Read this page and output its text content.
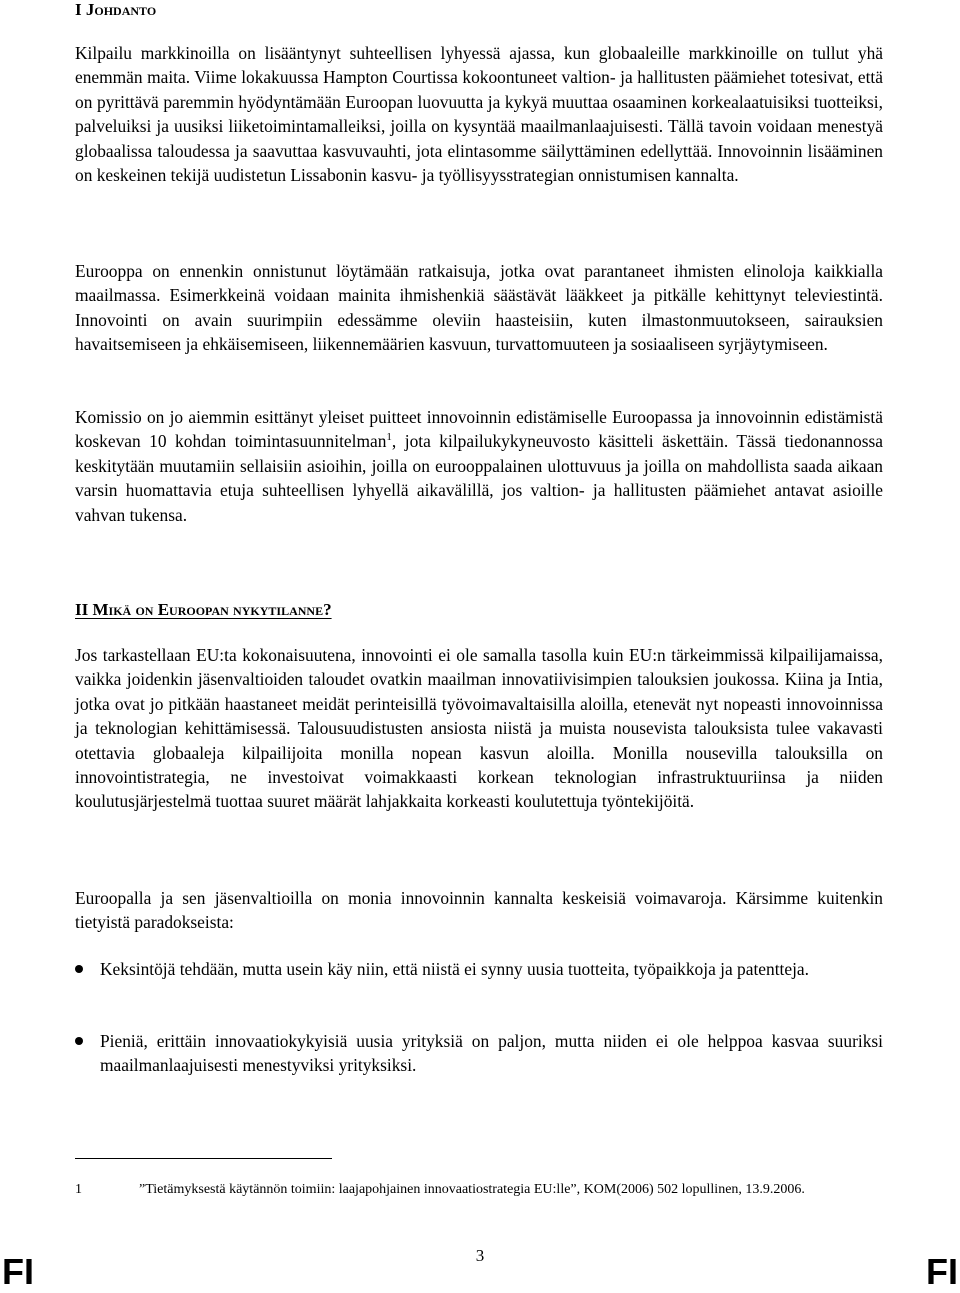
I Johdanto

Kilpailu markkinoilla on lisääntynyt suhteellisen lyhyessä ajassa, kun globaaleille markkinoille on tullut yhä enemmän maita. Viime lokakuussa Hampton Courtissa kokoontuneet valtion- ja hallitusten päämiehet totesivat, että on pyrittävä paremmin hyödyntämään Euroopan luovuutta ja kykyä muuttaa osaaminen korkealaatuisiksi tuotteiksi, palveluiksi ja uusiksi liiketoimintamalleiksi, joilla on kysyntää maailmanlaajuisesti. Tällä tavoin voidaan menestyä globaalissa taloudessa ja saavuttaa kasvuvauhti, jota elintasomme säilyttäminen edellyttää. Innovoinnin lisääminen on keskeinen tekijä uudistetun Lissabonin kasvu- ja työllisyysstrategian onnistumisen kannalta.

Eurooppa on ennenkin onnistunut löytämään ratkaisuja, jotka ovat parantaneet ihmisten elinoloja kaikkialla maailmassa. Esimerkkeinä voidaan mainita ihmishenkiä säästävät lääkkeet ja pitkälle kehittynyt televiestintä. Innovointi on avain suurimpiin edessämme oleviin haasteisiin, kuten ilmastonmuutokseen, sairauksien havaitsemiseen ja ehkäisemiseen, liikennemäärien kasvuun, turvattomuuteen ja sosiaaliseen syrjäytymiseen.

Komissio on jo aiemmin esittänyt yleiset puitteet innovoinnin edistämiselle Euroopassa ja innovoinnin edistämistä koskevan 10 kohdan toimintasuunnitelman$^1$, jota kilpailukykyneuvosto käsitteli äskettäin. Tässä tiedonannossa keskitytään muutamiin sellaisiin asioihin, joilla on eurooppalainen ulottuvuus ja joilla on mahdollista saada aikaan varsin huomattavia etuja suhteellisen lyhyellä aikavälillä, jos valtion- ja hallitusten päämiehet antavat asioille vahvan tukensa.

II Mikä on Euroopan nykytilanne?

Jos tarkastellaan EU:ta kokonaisuutena, innovointi ei ole samalla tasolla kuin EU:n tärkeimmissä kilpailijamaissa, vaikka joidenkin jäsenvaltioiden taloudet ovatkin maailman innovatiivisimpien talouksien joukossa. Kiina ja Intia, jotka ovat jo pitkään haastaneet meidät perinteisillä työvoimavaltaisilla aloilla, etenevät nyt nopeasti innovoinnissa ja teknologian kehittämisessä. Talousuudistusten ansiosta niistä ja muista nousevista talouksista tulee vakavasti otettavia globaaleja kilpailijoita monilla nopean kasvun aloilla. Monilla nousevilla talouksilla on innovointistrategia, ne investoivat voimakkaasti korkean teknologian infrastruktuuriinsa ja niiden koulutusjärjestelmä tuottaa suuret määrät lahjakkaita korkeasti koulutettuja työntekijöitä.

Euroopalla ja sen jäsenvaltioilla on monia innovoinnin kannalta keskeisiä voimavaroja. Kärsimme kuitenkin tietyistä paradokseista:

Keksintöjä tehdään, mutta usein käy niin, että niistä ei synny uusia tuotteita, työpaikkoja ja patentteja.
Pieniä, erittäin innovaatiokykyisiä uusia yrityksiä on paljon, mutta niiden ei ole helppoa kasvaa suuriksi maailmanlaajuisesti menestyviksi yrityksiksi.
1	”Tietämyksestä käytännön toimiin: laajapohjainen innovaatiostrategia EU:lle”, KOM(2006) 502 lopullinen, 13.9.2006.
FI	3	FI
